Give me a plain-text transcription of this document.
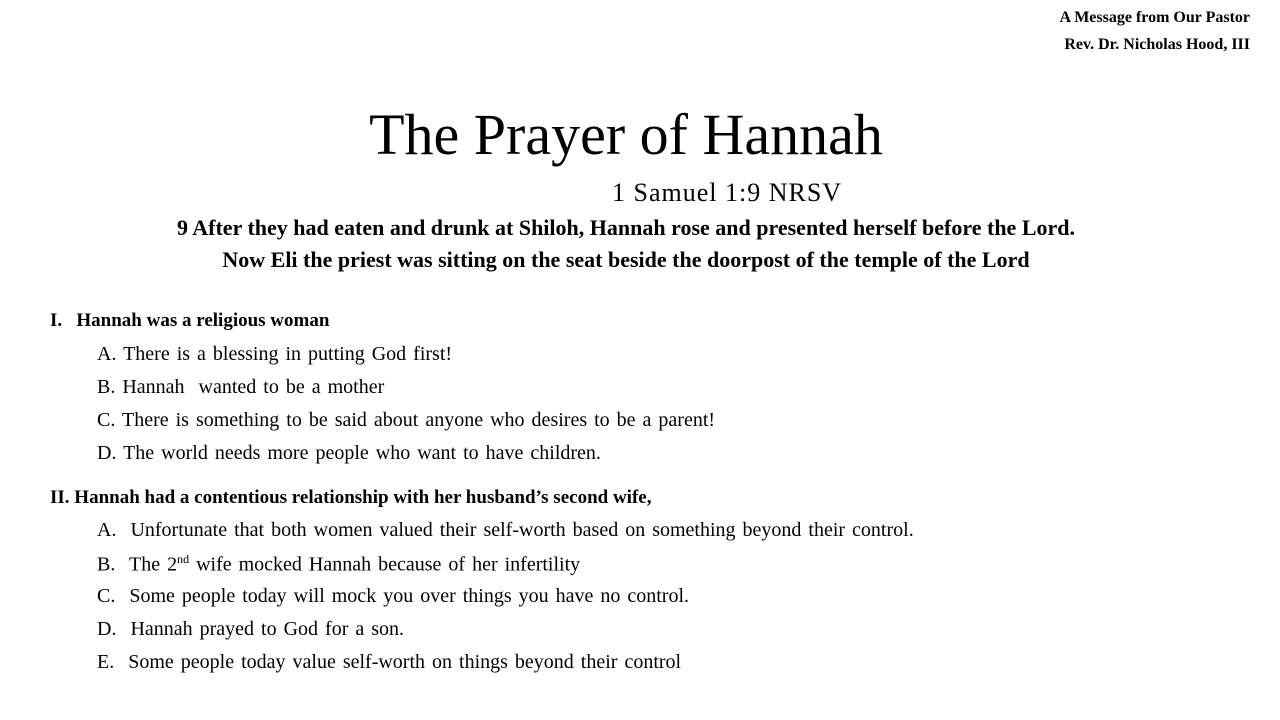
A Message from Our Pastor
Rev. Dr. Nicholas Hood, III
The Prayer of Hannah
1 Samuel 1:9 NRSV
9 After they had eaten and drunk at Shiloh, Hannah rose and presented herself before the Lord.
Now Eli the priest was sitting on the seat beside the doorpost of the temple of the Lord
I.   Hannah was a religious woman
A. There is a blessing in putting God first!
B. Hannah  wanted to be a mother
C. There is something to be said about anyone who desires to be a parent!
D. The world needs more people who want to have children.
II. Hannah had a contentious relationship with her husband’s second wife,
A.  Unfortunate that both women valued their self-worth based on something beyond their control.
B.  The 2nd wife mocked Hannah because of her infertility
C.  Some people today will mock you over things you have no control.
D.  Hannah prayed to God for a son.
E.  Some people today value self-worth on things beyond their control
